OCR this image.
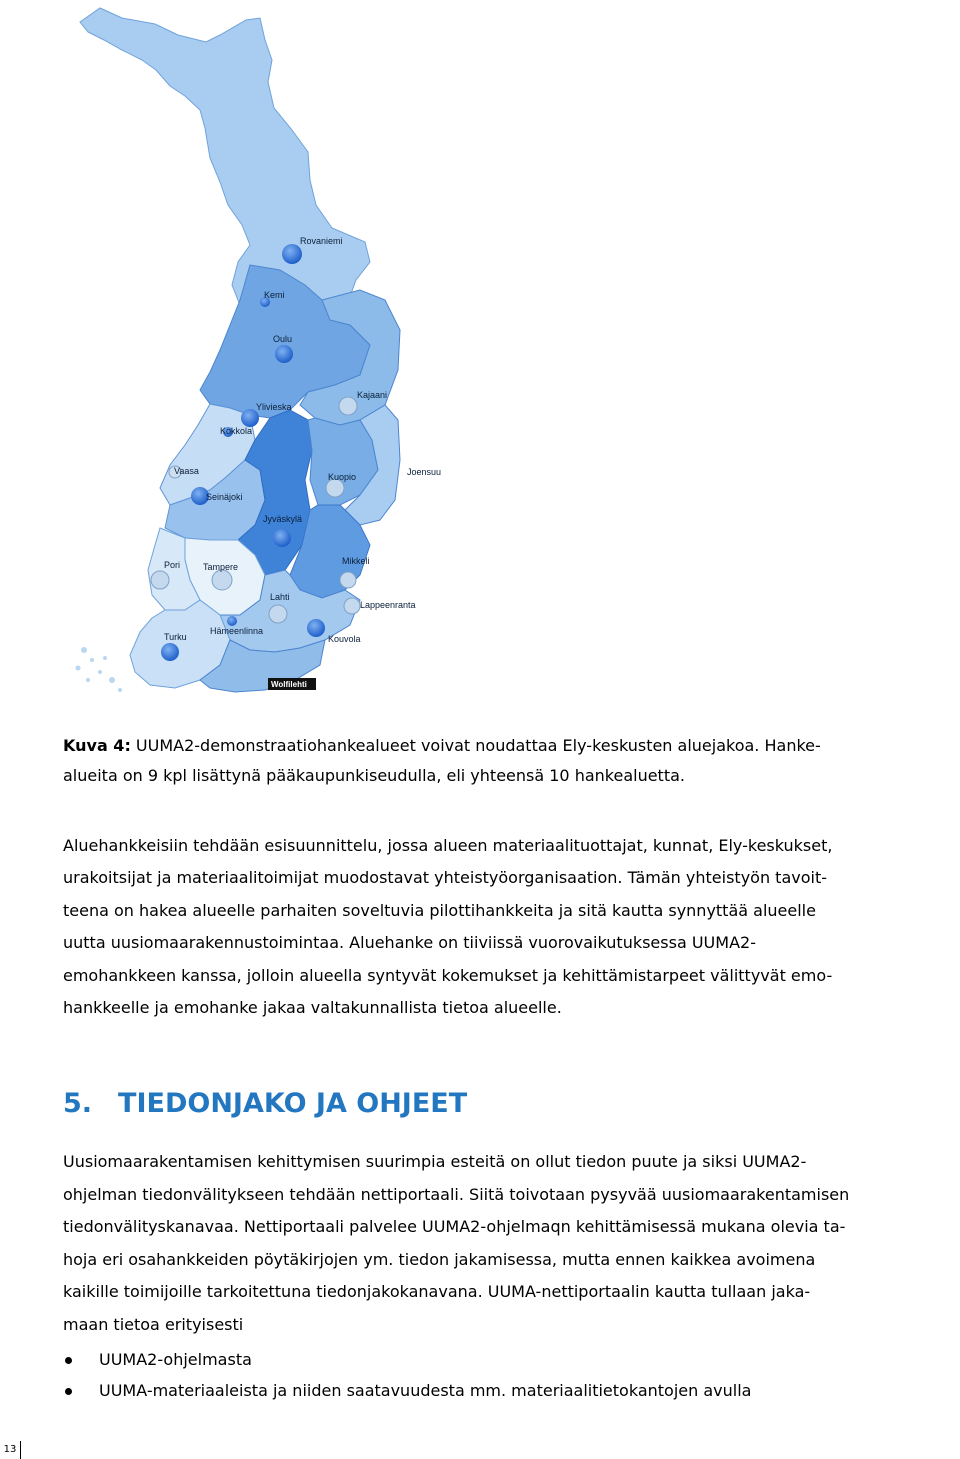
Rovaniemi
Kemi
Oulu
Kajaani
Ylivieska
Kokkola
Vaasa
Seinäjoki
Kuopio	Joensuu
Jyväskylä
Pori	Tampere
Mikkeli
Lappeenranta
Lahti
Hämeenlinna
Kouvola
Turku
Wolfilehti

Kuva 4: UUMA2-demonstraatiohankealueet voivat noudattaa Ely-keskusten aluejakoa. Hanke-
alueita on 9 kpl lisättynä pääkaupunkiseudulla, eli yhteensä 10 hankealuetta.

Aluehankkeisiin tehdään esisuunnittelu, jossa alueen materiaalituottajat, kunnat, Ely-keskukset,
urakoitsijat ja materiaalitoimijat muodostavat yhteistyöorganisaation. Tämän yhteistyön tavoit-
teena on hakea alueelle parhaiten soveltuvia pilottihankkeita ja sitä kautta synnyttää alueelle
uutta uusiomaarakennustoimintaa. Aluehanke on tiiviissä vuorovaikutuksessa UUMA2-
emohankkeen kanssa, jolloin alueella syntyvät kokemukset ja kehittämistarpeet välittyvät emo-
hankkeelle ja emohanke jakaa valtakunnallista tietoa alueelle.

5. TIEDONJAKO JA OHJEET

Uusiomaarakentamisen kehittymisen suurimpia esteitä on ollut tiedon puute ja siksi UUMA2-
ohjelman tiedonvälitykseen tehdään nettiportaali. Siitä toivotaan pysyvää uusiomaarakentamisen
tiedonvälityskanavaa. Nettiportaali palvelee UUMA2-ohjelmaqn kehittämisessä mukana olevia ta-
hoja eri osahankkeiden pöytäkirjojen ym. tiedon jakamisessa, mutta ennen kaikkea avoimena
kaikille toimijoille tarkoitettuna tiedonjakokanavana. UUMA-nettiportaalin kautta tullaan jaka-
maan tietoa erityisesti

UUMA2-ohjelmasta
UUMA-materiaaleista ja niiden saatavuudesta mm. materiaalitietokantojen avulla
13
